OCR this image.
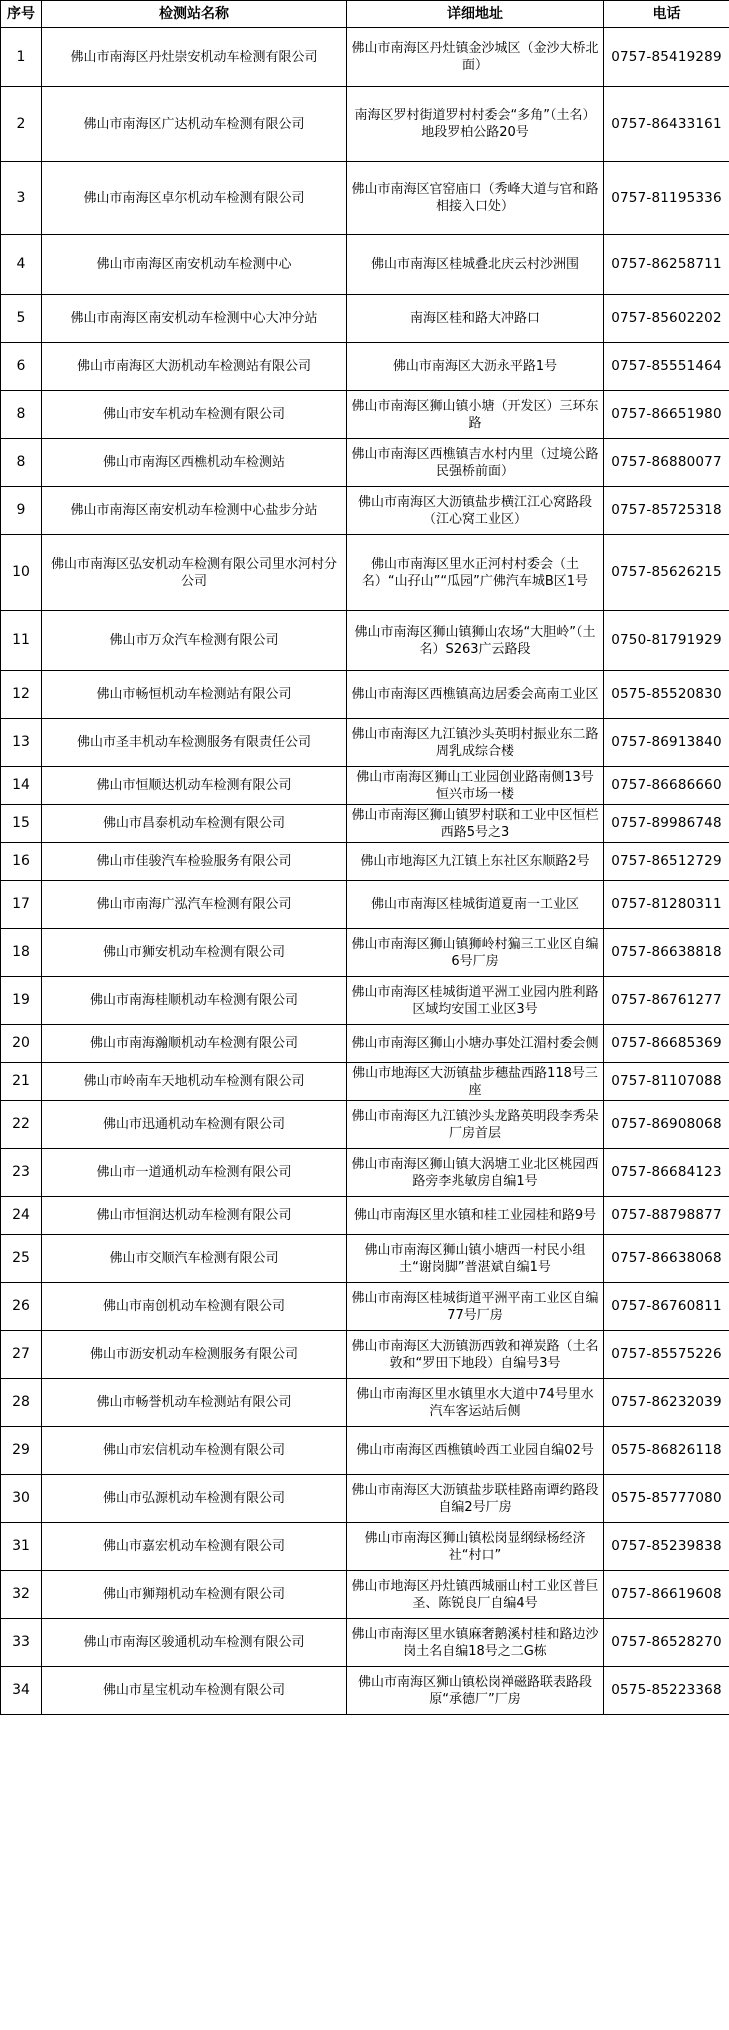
序号	检测站名称	详细地址	电话
1	佛山市南海区丹灶崇安机动车检测有限公司	佛山市南海区丹灶镇金沙城区（金沙大桥北面）	0757-85419289
2	佛山市南海区广达机动车检测有限公司	南海区罗村街道罗村村委会“多角”（土名）地段罗柏公路20号	0757-86433161
3	佛山市南海区卓尔机动车检测有限公司	佛山市南海区官窑庙口（秀峰大道与官和路相接入口处）	0757-81195336
4	佛山市南海区南安机动车检测中心	佛山市南海区桂城叠北庆云村沙洲围	0757-86258711
5	佛山市南海区南安机动车检测中心大冲分站	南海区桂和路大冲路口	0757-85602202
6	佛山市南海区大沥机动车检测站有限公司	佛山市南海区大沥永平路1号	0757-85551464
8	佛山市安车机动车检测有限公司	佛山市南海区狮山镇小塘（开发区）三环东路	0757-86651980
8	佛山市南海区西樵机动车检测站	佛山市南海区西樵镇吉水村内里（过境公路民强桥前面）	0757-86880077
9	佛山市南海区南安机动车检测中心盐步分站	佛山市南海区大沥镇盐步横江江心窝路段（江心窝工业区）	0757-85725318
10	佛山市南海区弘安机动车检测有限公司里水河村分公司	佛山市南海区里水正河村村委会（土名）“山孖山”“瓜园”广佛汽车城B区1号	0757-85626215
11	佛山市万众汽车检测有限公司	佛山市南海区狮山镇狮山农场“大胆岭”（土名）S263广云路段	0750-81791929
12	佛山市畅恒机动车检测站有限公司	佛山市南海区西樵镇高边居委会高南工业区	0575-85520830
13	佛山市圣丰机动车检测服务有限责任公司	佛山市南海区九江镇沙头英明村振业东二路周乳成综合楼	0757-86913840
14	佛山市恒顺达机动车检测有限公司	佛山市南海区狮山工业园创业路南侧13号恒兴市场一楼	0757-86686660
15	佛山市昌泰机动车检测有限公司	佛山市南海区狮山镇罗村联和工业中区恒栏西路5号之3	0757-89986748
16	佛山市佳骏汽车检验服务有限公司	佛山市地海区九江镇上东社区东顺路2号	0757-86512729
17	佛山市南海广泓汽车检测有限公司	佛山市南海区桂城街道夏南一工业区	0757-81280311
18	佛山市狮安机动车检测有限公司	佛山市南海区狮山镇狮岭村猵三工业区自编6号厂房	0757-86638818
19	佛山市南海桂顺机动车检测有限公司	佛山市南海区桂城街道平洲工业园内胜利路区域均安国工业区3号	0757-86761277
20	佛山市南海瀚顺机动车检测有限公司	佛山市南海区狮山小塘办事处江湄村委会侧	0757-86685369
21	佛山市岭南车天地机动车检测有限公司	佛山市地海区大沥镇盐步穗盐西路118号三座	0757-81107088
22	佛山市迅通机动车检测有限公司	佛山市南海区九江镇沙头龙路英明段李秀朵厂房首层	0757-86908068
23	佛山市一道通机动车检测有限公司	佛山市南海区狮山镇大涡塘工业北区桃园西路旁李兆敏房自编1号	0757-86684123
24	佛山市恒润达机动车检测有限公司	佛山市南海区里水镇和桂工业园桂和路9号	0757-88798877
25	佛山市交顺汽车检测有限公司	佛山市南海区狮山镇小塘西一村民小组土“谢岗脚”普湛斌自编1号	0757-86638068
26	佛山市南创机动车检测有限公司	佛山市南海区桂城街道平洲平南工业区自编77号厂房	0757-86760811
27	佛山市沥安机动车检测服务有限公司	佛山市南海区大沥镇沥西敦和禅炭路（土名敦和“罗田下地段）自编号3号	0757-85575226
28	佛山市畅誉机动车检测站有限公司	佛山市南海区里水镇里水大道中74号里水汽车客运站后侧	0757-86232039
29	佛山市宏信机动车检测有限公司	佛山市南海区西樵镇岭西工业园自编02号	0575-86826118
30	佛山市弘源机动车检测有限公司	佛山市南海区大沥镇盐步联桂路南谭约路段自编2号厂房	0575-85777080
31	佛山市嘉宏机动车检测有限公司	佛山市南海区狮山镇松岗显纲绿杨经济社“村口”	0757-85239838
32	佛山市狮翔机动车检测有限公司	佛山市地海区丹灶镇西城丽山村工业区普巨圣、陈锐良厂自编4号	0757-86619608
33	佛山市南海区骏通机动车检测有限公司	佛山市南海区里水镇麻奢鹅溪村桂和路边沙岗土名自编18号之二G栋	0757-86528270
34	佛山市星宝机动车检测有限公司	佛山市南海区狮山镇松岗禅磁路联表路段原“承德厂”厂房	0575-85223368
